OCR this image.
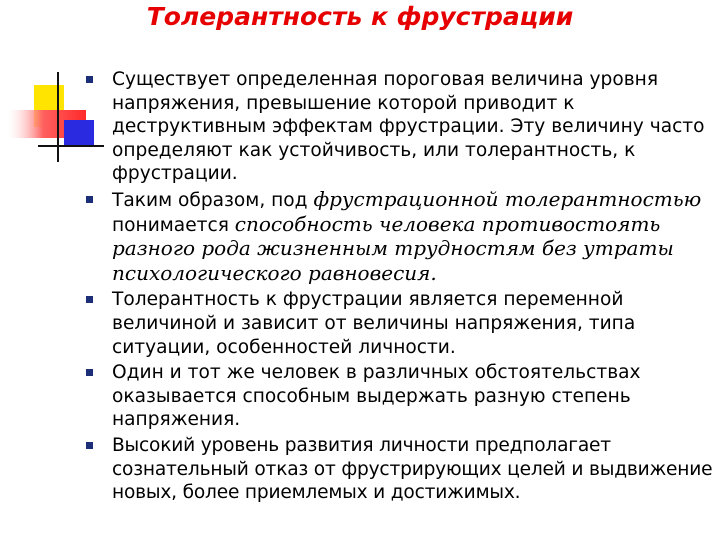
Толерантность к фрустрации
Существует определенная пороговая величина уровня напряжения, превышение которой приводит к деструктивным эффектам фрустрации. Эту величину часто определяют как устойчивость, или толерантность, к фрустрации.
Таким образом, под фрустрационной толерантностью понимается способность человека противостоять разного рода жизненным трудностям без утраты психологического равновесия.
Толерантность к фрустрации является переменной величиной и зависит от величины напряжения, типа ситуации, особенностей личности.
Один и тот же человек в различных обстоятельствах оказывается способным выдержать разную степень напряжения.
Высокий уровень развития личности предполагает сознательный отказ от фрустрирующих целей и выдвижение новых, более приемлемых и достижимых.
